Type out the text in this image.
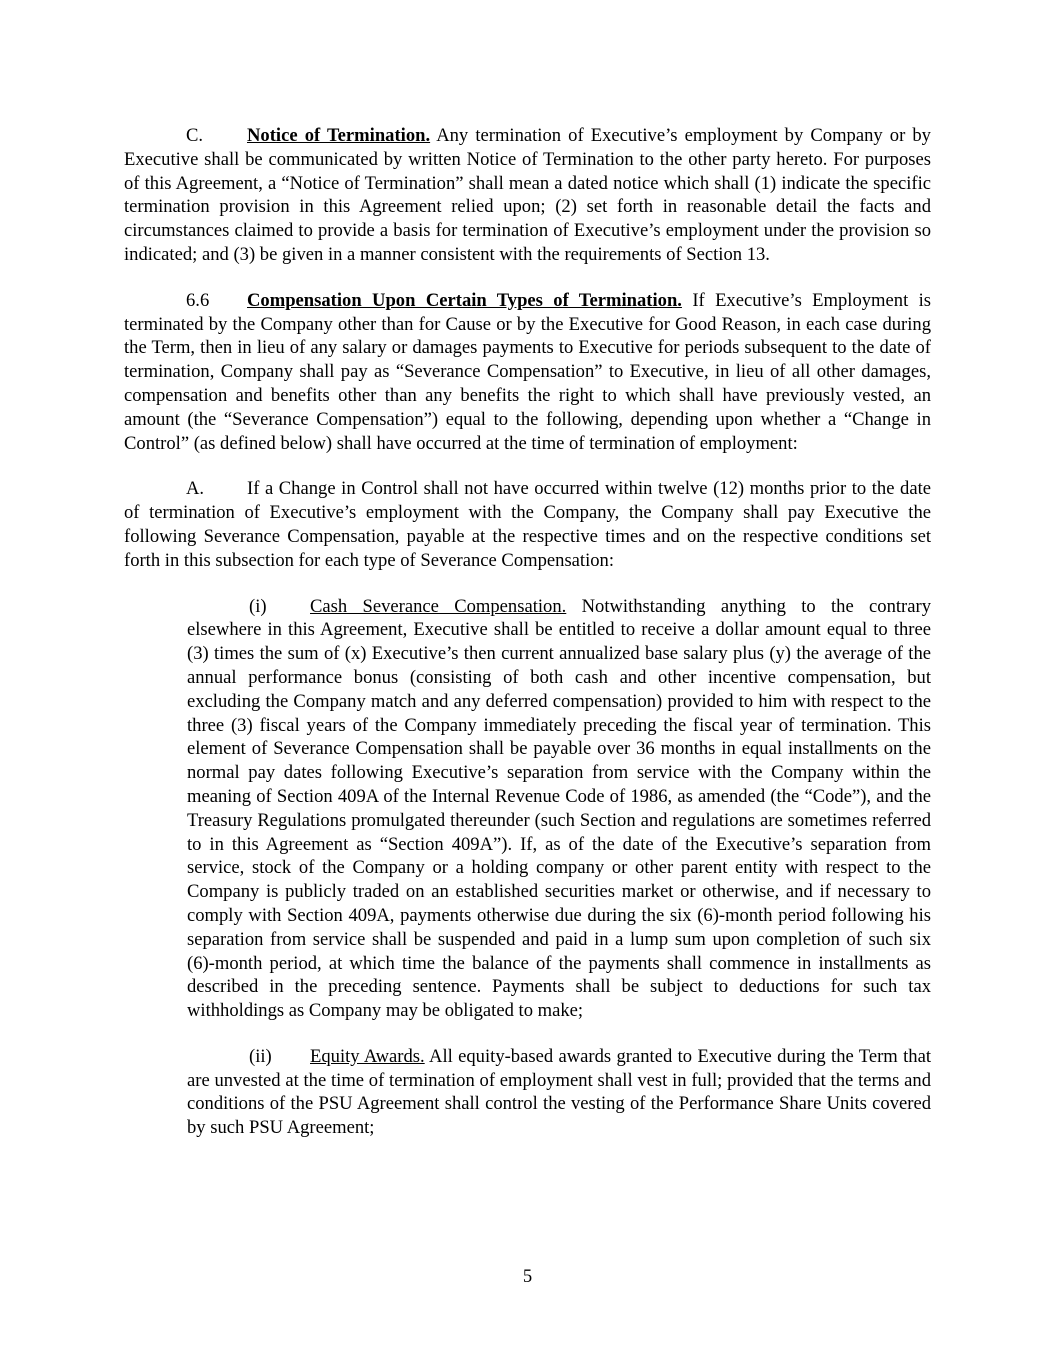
C. Notice of Termination. Any termination of Executive’s employment by Company or by Executive shall be communicated by written Notice of Termination to the other party hereto. For purposes of this Agreement, a “Notice of Termination” shall mean a dated notice which shall (1) indicate the specific termination provision in this Agreement relied upon; (2) set forth in reasonable detail the facts and circumstances claimed to provide a basis for termination of Executive’s employment under the provision so indicated; and (3) be given in a manner consistent with the requirements of Section 13.

6.6 Compensation Upon Certain Types of Termination. If Executive’s Employment is terminated by the Company other than for Cause or by the Executive for Good Reason, in each case during the Term, then in lieu of any salary or damages payments to Executive for periods subsequent to the date of termination, Company shall pay as “Severance Compensation” to Executive, in lieu of all other damages, compensation and benefits other than any benefits the right to which shall have previously vested, an amount (the “Severance Compensation”) equal to the following, depending upon whether a “Change in Control” (as defined below) shall have occurred at the time of termination of employment:

A. If a Change in Control shall not have occurred within twelve (12) months prior to the date of termination of Executive’s employment with the Company, the Company shall pay Executive the following Severance Compensation, payable at the respective times and on the respective conditions set forth in this subsection for each type of Severance Compensation:

(i) Cash Severance Compensation. Notwithstanding anything to the contrary elsewhere in this Agreement, Executive shall be entitled to receive a dollar amount equal to three (3) times the sum of (x) Executive’s then current annualized base salary plus (y) the average of the annual performance bonus (consisting of both cash and other incentive compensation, but excluding the Company match and any deferred compensation) provided to him with respect to the three (3) fiscal years of the Company immediately preceding the fiscal year of termination. This element of Severance Compensation shall be payable over 36 months in equal installments on the normal pay dates following Executive’s separation from service with the Company within the meaning of Section 409A of the Internal Revenue Code of 1986, as amended (the “Code”), and the Treasury Regulations promulgated thereunder (such Section and regulations are sometimes referred to in this Agreement as “Section 409A”). If, as of the date of the Executive’s separation from service, stock of the Company or a holding company or other parent entity with respect to the Company is publicly traded on an established securities market or otherwise, and if necessary to comply with Section 409A, payments otherwise due during the six (6)-month period following his separation from service shall be suspended and paid in a lump sum upon completion of such six (6)-month period, at which time the balance of the payments shall commence in installments as described in the preceding sentence. Payments shall be subject to deductions for such tax withholdings as Company may be obligated to make;

(ii) Equity Awards. All equity-based awards granted to Executive during the Term that are unvested at the time of termination of employment shall vest in full; provided that the terms and conditions of the PSU Agreement shall control the vesting of the Performance Share Units covered by such PSU Agreement;

5
